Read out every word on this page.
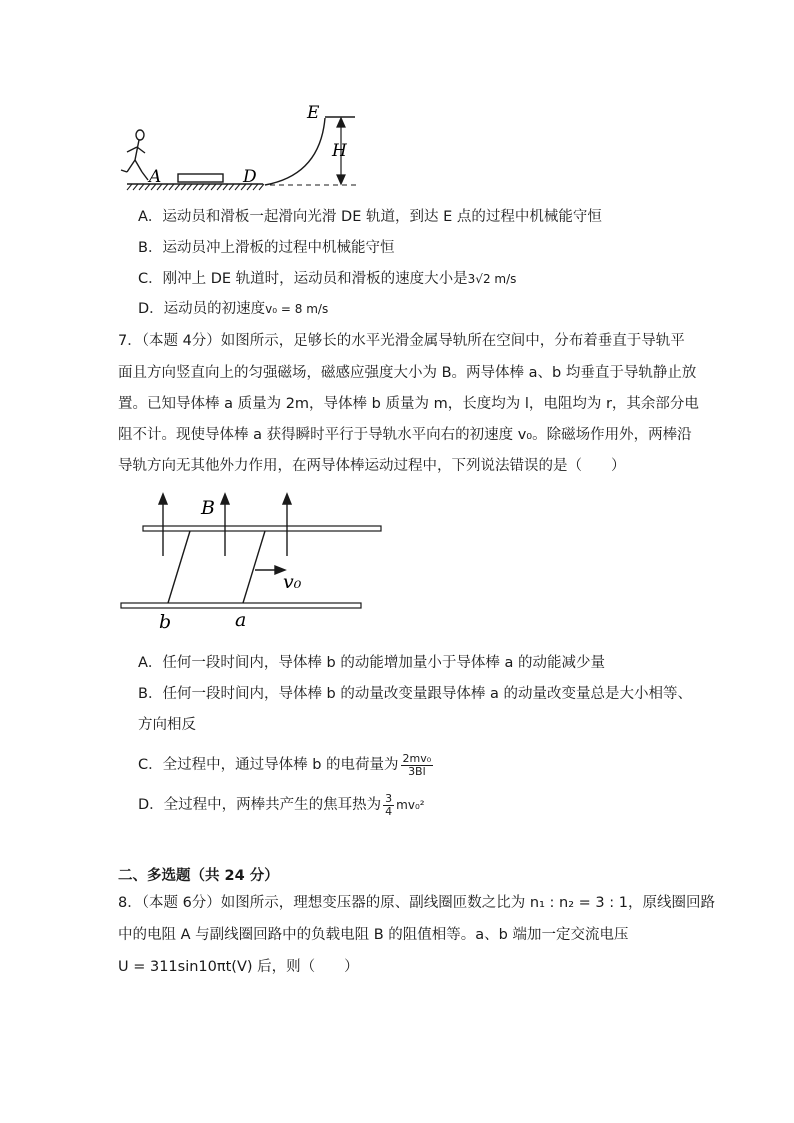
E
H
A	D
A．运动员和滑板一起滑向光滑 DE 轨道，到达 E 点的过程中机械能守恒
B．运动员冲上滑板的过程中机械能守恒
C．刚冲上 DE 轨道时，运动员和滑板的速度大小是3√2 m/s
D．运动员的初速度v₀ = 8 m/s
7．（本题 4分）如图所示，足够长的水平光滑金属导轨所在空间中，分布着垂直于导轨平
面且方向竖直向上的匀强磁场，磁感应强度大小为 B。两导体棒 a、b 均垂直于导轨静止放
置。已知导体棒 a 质量为 2m，导体棒 b 质量为 m，长度均为 l，电阻均为 r，其余部分电
阻不计。现使导体棒 a 获得瞬时平行于导轨水平向右的初速度 v₀。除磁场作用外，两棒沿
导轨方向无其他外力作用，在两导体棒运动过程中，下列说法错误的是（　　）
B
v₀
b	a
A．任何一段时间内，导体棒 b 的动能增加量小于导体棒 a 的动能减少量
B．任何一段时间内，导体棒 b 的动量改变量跟导体棒 a 的动量改变量总是大小相等、
方向相反
C．全过程中，通过导体棒 b 的电荷量为 $\frac{\text{2mv₀}}{3Bl}$
D．全过程中，两棒共产生的焦耳热为 $\frac{3}{4} mv_0^2$
二、多选题（共 24 分）
8．（本题 6分）如图所示，理想变压器的原、副线圈匝数之比为 n₁ : n₂ = 3 : 1，原线圈回路
中的电阻 A 与副线圈回路中的负载电阻 B 的阻值相等。a、b 端加一定交流电压
U = 311sin10πt(V) 后，则（　　）
